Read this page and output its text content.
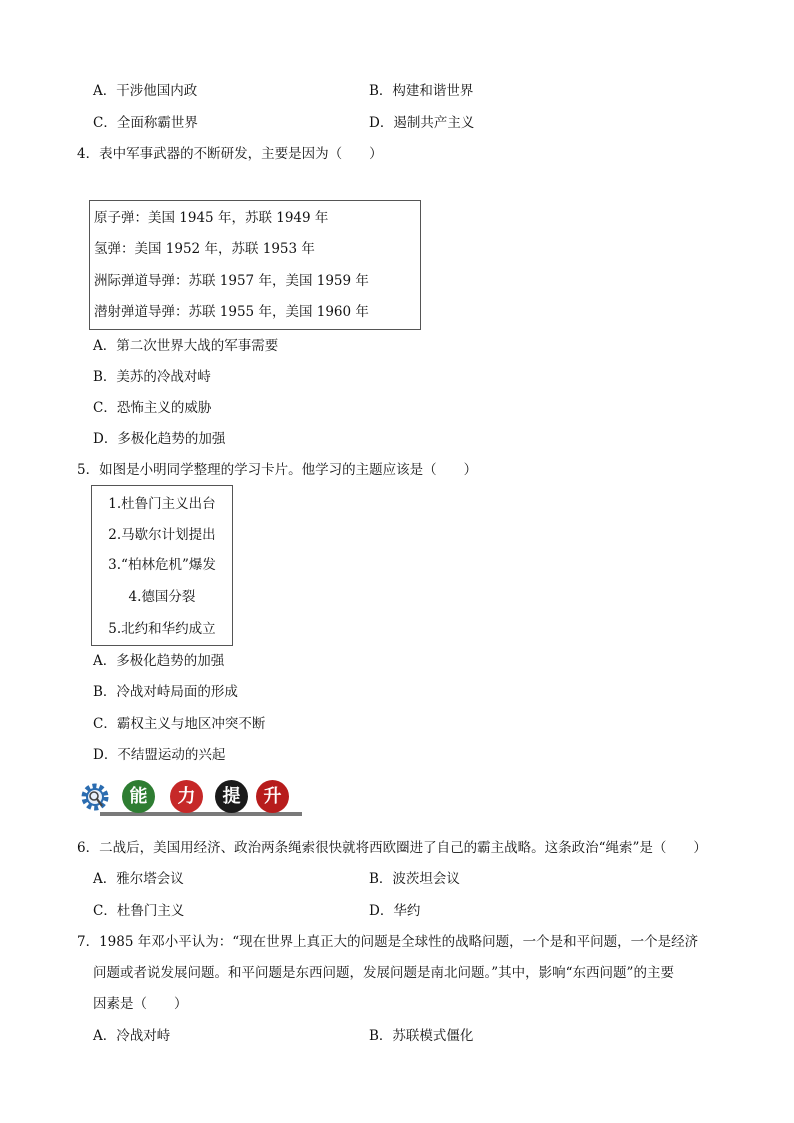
A．干涉他国内政	B．构建和谐世界
C．全面称霸世界	D．遏制共产主义
4．表中军事武器的不断研发，主要是因为（　　）
原子弹：美国 1945 年，苏联 1949 年
氢弹：美国 1952 年，苏联 1953 年
洲际弹道导弹：苏联 1957 年，美国 1959 年
潜射弹道导弹：苏联 1955 年，美国 1960 年
A．第二次世界大战的军事需要
B．美苏的冷战对峙
C．恐怖主义的威胁
D．多极化趋势的加强
5．如图是小明同学整理的学习卡片。他学习的主题应该是（　　）
1.杜鲁门主义出台
2.马歇尔计划提出
3.“柏林危机”爆发
4.德国分裂
5.北约和华约成立
A．多极化趋势的加强
B．冷战对峙局面的形成
C．霸权主义与地区冲突不断
D．不结盟运动的兴起
能	力	提	升
6．二战后，美国用经济、政治两条绳索很快就将西欧圈进了自己的霸主战略。这条政治“绳索”是（　　）
A．雅尔塔会议	B．波茨坦会议
C．杜鲁门主义	D．华约
7．1985 年邓小平认为：“现在世界上真正大的问题是全球性的战略问题，一个是和平问题，一个是经济
问题或者说发展问题。和平问题是东西问题，发展问题是南北问题。”其中，影响“东西问题”的主要
因素是（　　）
A．冷战对峙	B．苏联模式僵化
